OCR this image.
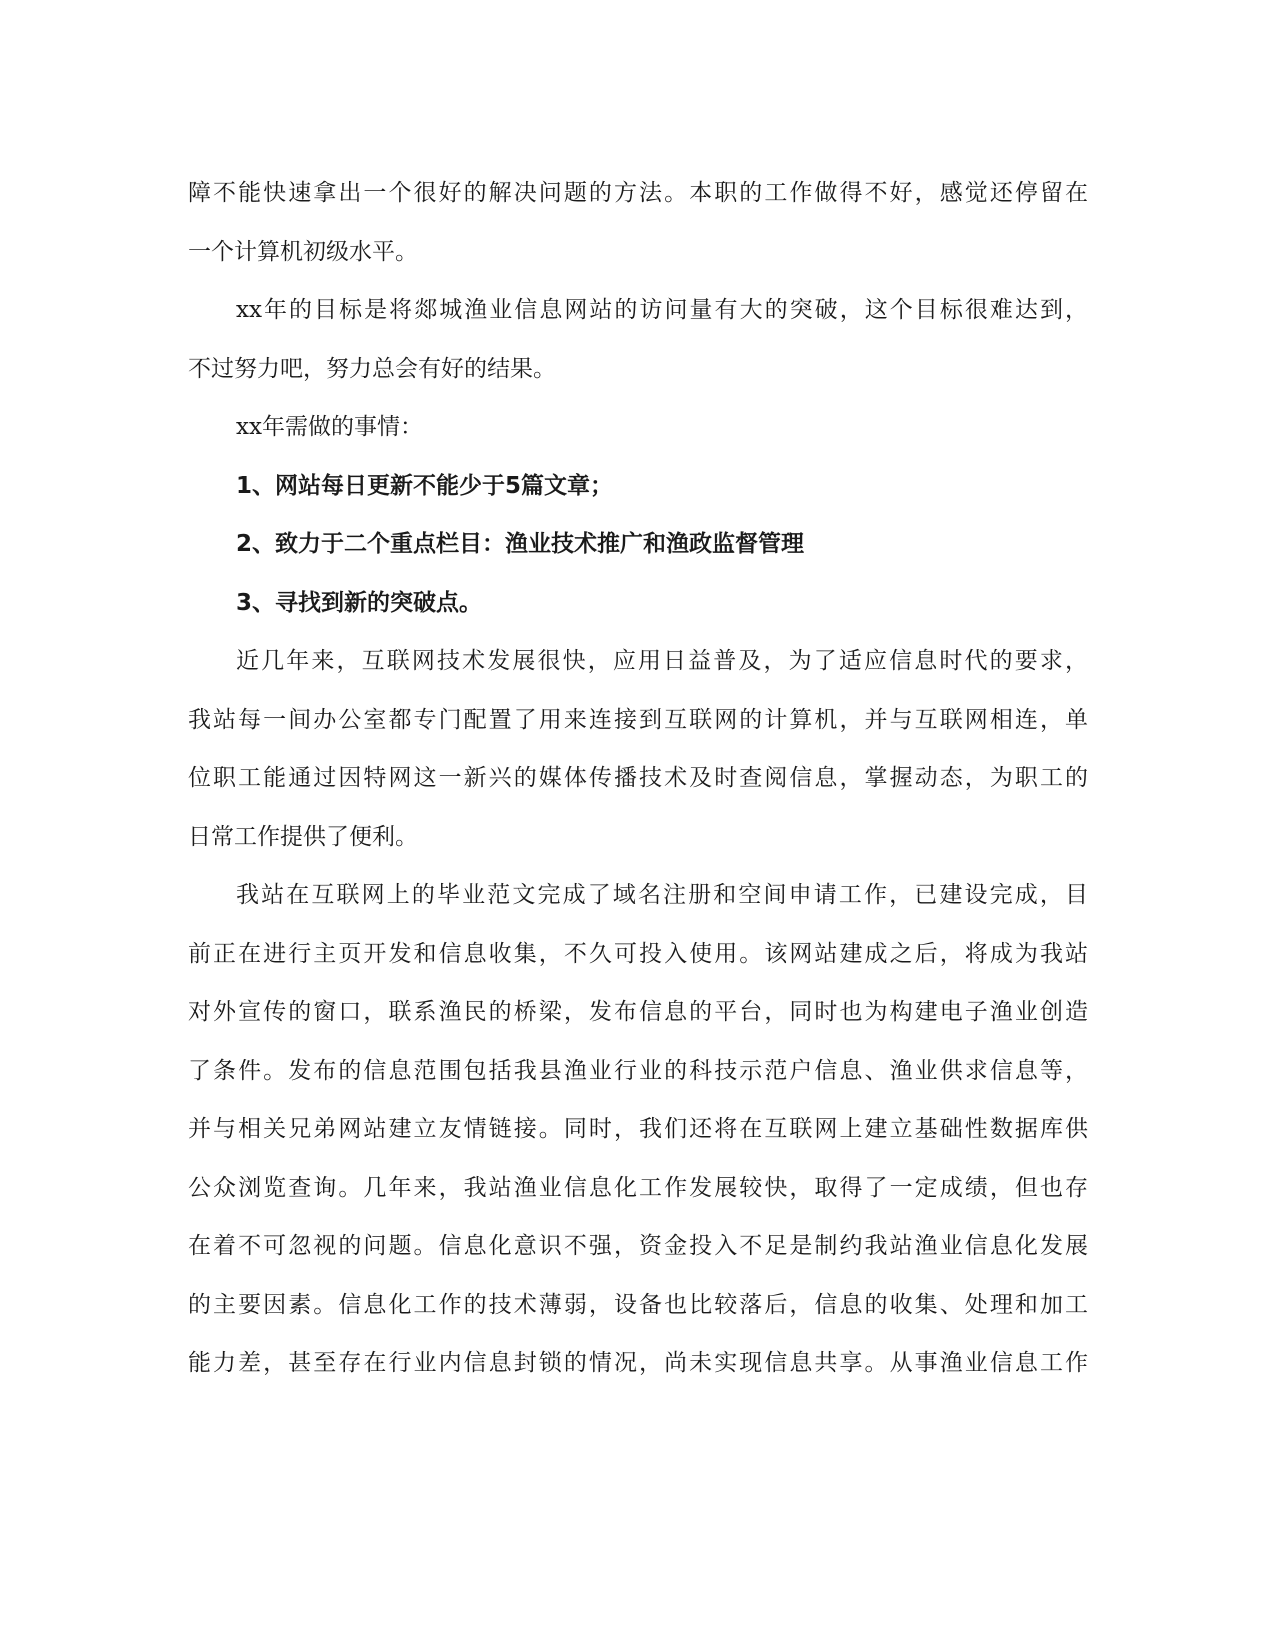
障不能快速拿出一个很好的解决问题的方法。本职的工作做得不好，感觉还停留在
一个计算机初级水平。
xx年的目标是将郯城渔业信息网站的访问量有大的突破，这个目标很难达到，
不过努力吧，努力总会有好的结果。
xx年需做的事情：
1、网站每日更新不能少于5篇文章；
2、致力于二个重点栏目：渔业技术推广和渔政监督管理
3、寻找到新的突破点。
近几年来，互联网技术发展很快，应用日益普及，为了适应信息时代的要求，
我站每一间办公室都专门配置了用来连接到互联网的计算机，并与互联网相连，单
位职工能通过因特网这一新兴的媒体传播技术及时查阅信息，掌握动态，为职工的
日常工作提供了便利。
我站在互联网上的毕业范文完成了域名注册和空间申请工作，已建设完成，目
前正在进行主页开发和信息收集，不久可投入使用。该网站建成之后，将成为我站
对外宣传的窗口，联系渔民的桥梁，发布信息的平台，同时也为构建电子渔业创造
了条件。发布的信息范围包括我县渔业行业的科技示范户信息、渔业供求信息等，
并与相关兄弟网站建立友情链接。同时，我们还将在互联网上建立基础性数据库供
公众浏览查询。几年来，我站渔业信息化工作发展较快，取得了一定成绩，但也存
在着不可忽视的问题。信息化意识不强，资金投入不足是制约我站渔业信息化发展
的主要因素。信息化工作的技术薄弱，设备也比较落后，信息的收集、处理和加工
能力差，甚至存在行业内信息封锁的情况，尚未实现信息共享。从事渔业信息工作
